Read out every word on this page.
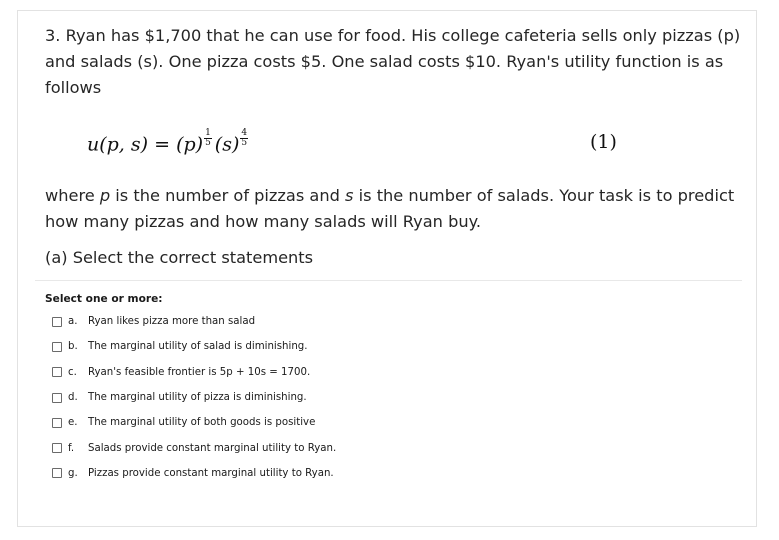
3. Ryan has $1,700 that he can use for food. His college cafeteria sells only pizzas (p) and salads (s). One pizza costs $5. One salad costs $10. Ryan's utility function is as follows

u(p, $s) = (p) \frac{1}{5} (s) \frac{4}{5}$	(1)

where p is the number of pizzas and s is the number of salads. Your task is to predict how many pizzas and how many salads will Ryan buy.

(a) Select the correct statements

Select one or more:
a.	Ryan likes pizza more than salad
b.	The marginal utility of salad is diminishing.
c.	Ryan's feasible frontier is 5p + 10s = 1700.
d.	The marginal utility of pizza is diminishing.
e.	The marginal utility of both goods is positive
f.	Salads provide constant marginal utility to Ryan.
g.	Pizzas provide constant marginal utility to Ryan.
